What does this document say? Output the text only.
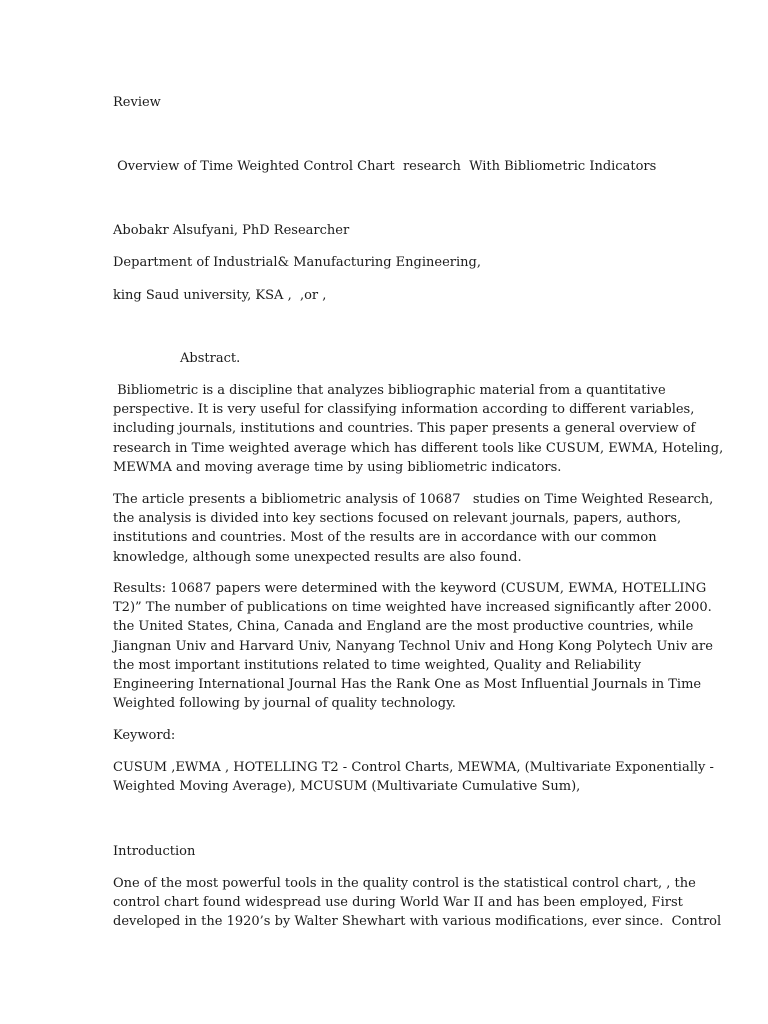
Review
Overview of Time Weighted Control Chart  research  With Bibliometric Indicators
Abobakr Alsufyani, PhD Researcher
Department of Industrial& Manufacturing Engineering,
king Saud university, KSA ,  ,or ,
Abstract.
Bibliometric is a discipline that analyzes bibliographic material from a quantitative
perspective. It is very useful for classifying information according to different variables,
including journals, institutions and countries. This paper presents a general overview of
research in Time weighted average which has different tools like CUSUM, EWMA, Hoteling,
MEWMA and moving average time by using bibliometric indicators.
The article presents a bibliometric analysis of 10687   studies on Time Weighted Research,
the analysis is divided into key sections focused on relevant journals, papers, authors,
institutions and countries. Most of the results are in accordance with our common
knowledge, although some unexpected results are also found.
Results: 10687 papers were determined with the keyword (CUSUM, EWMA, HOTELLING
T2)” The number of publications on time weighted have increased significantly after 2000.
the United States, China, Canada and England are the most productive countries, while
Jiangnan Univ and Harvard Univ, Nanyang Technol Univ and Hong Kong Polytech Univ are
the most important institutions related to time weighted, Quality and Reliability
Engineering International Journal Has the Rank One as Most Influential Journals in Time
Weighted following by journal of quality technology.
Keyword:
CUSUM ,EWMA , HOTELLING T2 - Control Charts, MEWMA, (Multivariate Exponentially -
Weighted Moving Average), MCUSUM (Multivariate Cumulative Sum),
Introduction
One of the most powerful tools in the quality control is the statistical control chart, , the
control chart found widespread use during World War II and has been employed, First
developed in the 1920’s by Walter Shewhart with various modifications, ever since.  Control
